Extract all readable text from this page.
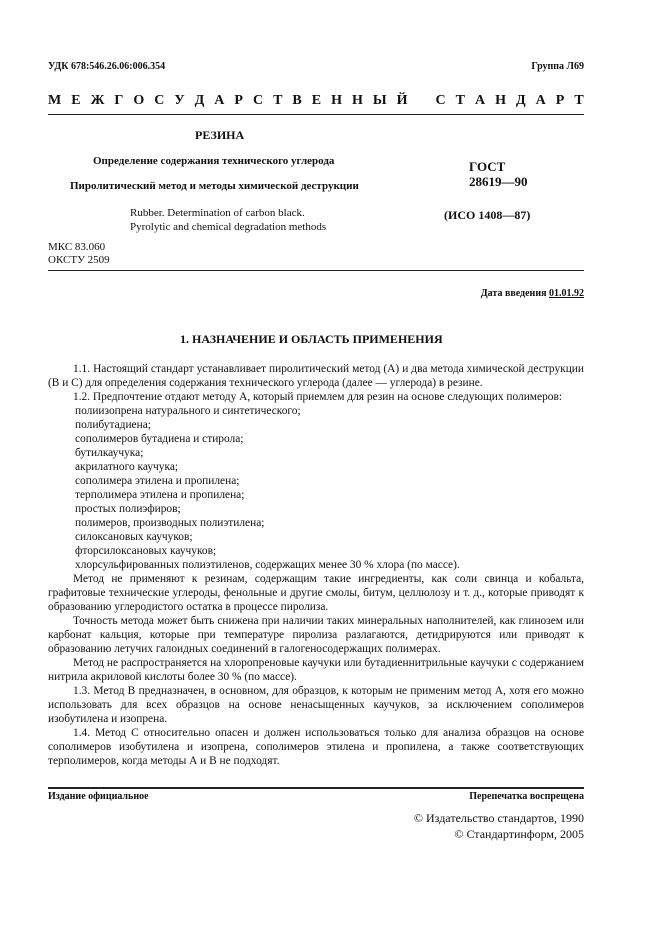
УДК 678:546.26.06:006.354	Группа Л69
М Е Ж Г О С У Д А Р С Т В Е Н Н Ы Й С Т А Н Д А Р Т
РЕЗИНА
Определение содержания технического углерода
Пиролитический метод и методы химической деструкции
Rubber. Determination of carbon black.
Pyrolytic and chemical degradation methods
ГОСТ
28619—90
(ИСО 1408—87)
МКС 83.060
ОКСТУ 2509
Дата введения 01.01.92
1. НАЗНАЧЕНИЕ И ОБЛАСТЬ ПРИМЕНЕНИЯ

1.1. Настоящий стандарт устанавливает пиролитический метод (А) и два метода химической деструкции (В и С) для определения содержания технического углерода (далее — углерода) в резине.

1.2. Предпочтение отдают методу А, который приемлем для резин на основе следующих полимеров:

полиизопрена натурального и синтетического;

полибутадиена;

сополимеров бутадиена и стирола;

бутилкаучука;

акрилатного каучука;

сополимера этилена и пропилена;

терполимера этилена и пропилена;

простых полиэфиров;

полимеров, производных полиэтилена;

силоксановых каучуков;

фторсилоксановых каучуков;

хлорсульфированных полиэтиленов, содержащих менее 30 % хлора (по массе).

Метод не применяют к резинам, содержащим такие ингредиенты, как соли свинца и кобальта, графитовые технические углероды, фенольные и другие смолы, битум, целлюлозу и т. д., которые приводят к образованию углеродистого остатка в процессе пиролиза.

Точность метода может быть снижена при наличии таких минеральных наполнителей, как глинозем или карбонат кальция, которые при температуре пиролиза разлагаются, детидрируются или приводят к образованию летучих галоидных соединений в галогеносодержащих полимерах.

Метод не распространяется на хлоропреновые каучуки или бутадиеннитрильные каучуки с содержанием нитрила акриловой кислоты более 30 % (по массе).

1.3. Метод В предназначен, в основном, для образцов, к которым не применим метод А, хотя его можно использовать для всех образцов на основе ненасыщенных каучуков, за исключением сополимеров изобутилена и изопрена.

1.4. Метод С относительно опасен и должен использоваться только для анализа образцов на основе сополимеров изобутилена и изопрена, сополимеров этилена и пропилена, а также соответствующих терполимеров, когда методы А и В не подходят.

Издание официальное	Перепечатка воспрещена
© Издательство стандартов, 1990
© Стандартинформ, 2005
